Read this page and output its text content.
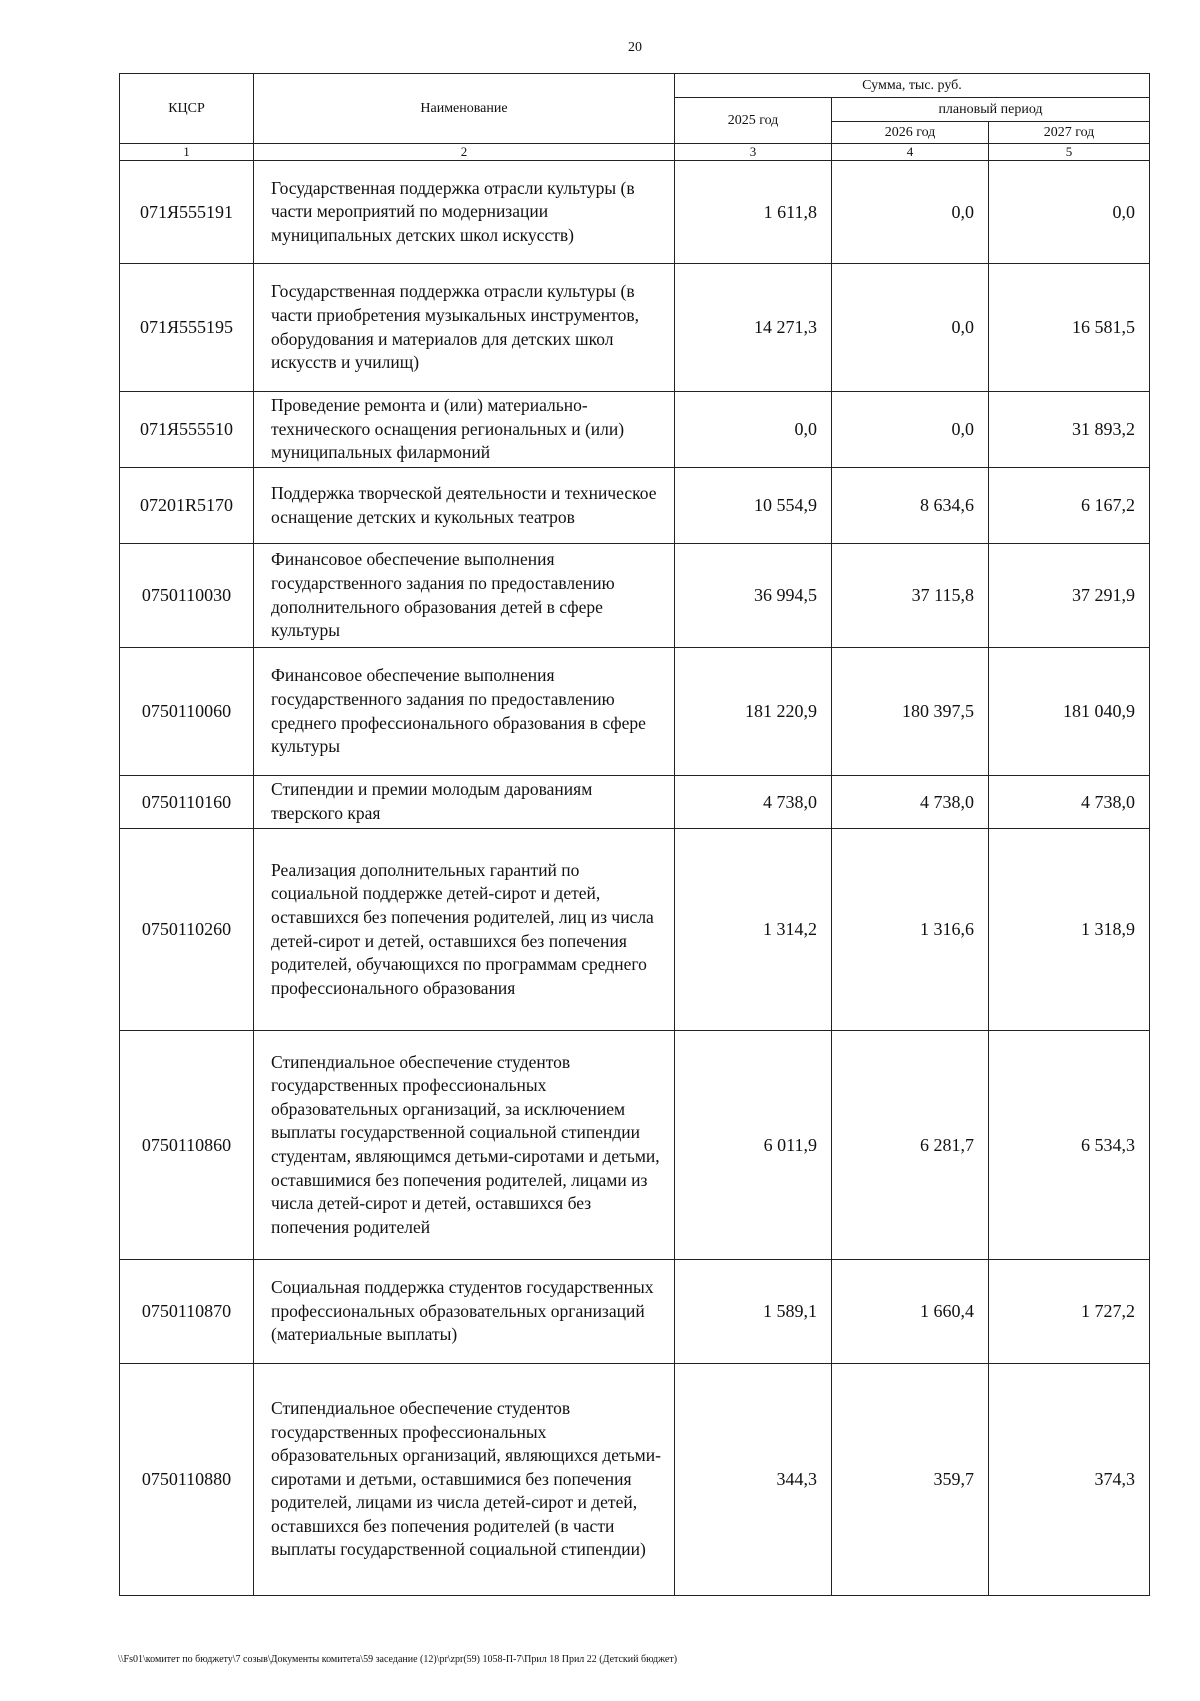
20
КЦСР	Наименование	Сумма, тыс. руб.		
		2025 год	плановый период	
			2026 год	2027 год
1	2	3	4	5
071Я555191	Государственная поддержка отрасли культуры (в части мероприятий по модернизации муниципальных детских школ искусств)	1 611,8	0,0	0,0
071Я555195	Государственная поддержка отрасли культуры (в части приобретения музыкальных инструментов, оборудования и материалов для детских школ искусств и училищ)	14 271,3	0,0	16 581,5
071Я555510	Проведение ремонта и (или) материально-технического оснащения региональных и (или) муниципальных филармоний	0,0	0,0	31 893,2
07201R5170	Поддержка творческой деятельности и техническое оснащение детских и кукольных театров	10 554,9	8 634,6	6 167,2
0750110030	Финансовое обеспечение выполнения государственного задания по предоставлению дополнительного образования детей в сфере культуры	36 994,5	37 115,8	37 291,9
0750110060	Финансовое обеспечение выполнения государственного задания по предоставлению среднего профессионального образования в сфере культуры	181 220,9	180 397,5	181 040,9
0750110160	Стипендии и премии молодым дарованиям тверского края	4 738,0	4 738,0	4 738,0
0750110260	Реализация дополнительных гарантий по социальной поддержке детей-сирот и детей, оставшихся без попечения родителей, лиц из числа детей-сирот и детей, оставшихся без попечения родителей, обучающихся по программам среднего профессионального образования	1 314,2	1 316,6	1 318,9
0750110860	Стипендиальное обеспечение студентов государственных профессиональных образовательных организаций, за исключением выплаты государственной социальной стипендии студентам, являющимся детьми-сиротами и детьми, оставшимися без попечения родителей, лицами из числа детей-сирот и детей, оставшихся без попечения родителей	6 011,9	6 281,7	6 534,3
0750110870	Социальная поддержка студентов государственных профессиональных образовательных организаций (материальные выплаты)	1 589,1	1 660,4	1 727,2
0750110880	Стипендиальное обеспечение студентов государственных профессиональных образовательных организаций, являющихся детьми-сиротами и детьми, оставшимися без попечения родителей, лицами из числа детей-сирот и детей, оставшихся без попечения родителей (в части выплаты государственной социальной стипендии)	344,3	359,7	374,3
\\Fs01\комитет по бюджету\7 созыв\Документы комитета\59 заседание (12)\pr\zpr(59) 1058-П-7\Прил 18 Прил 22 (Детский бюджет)
